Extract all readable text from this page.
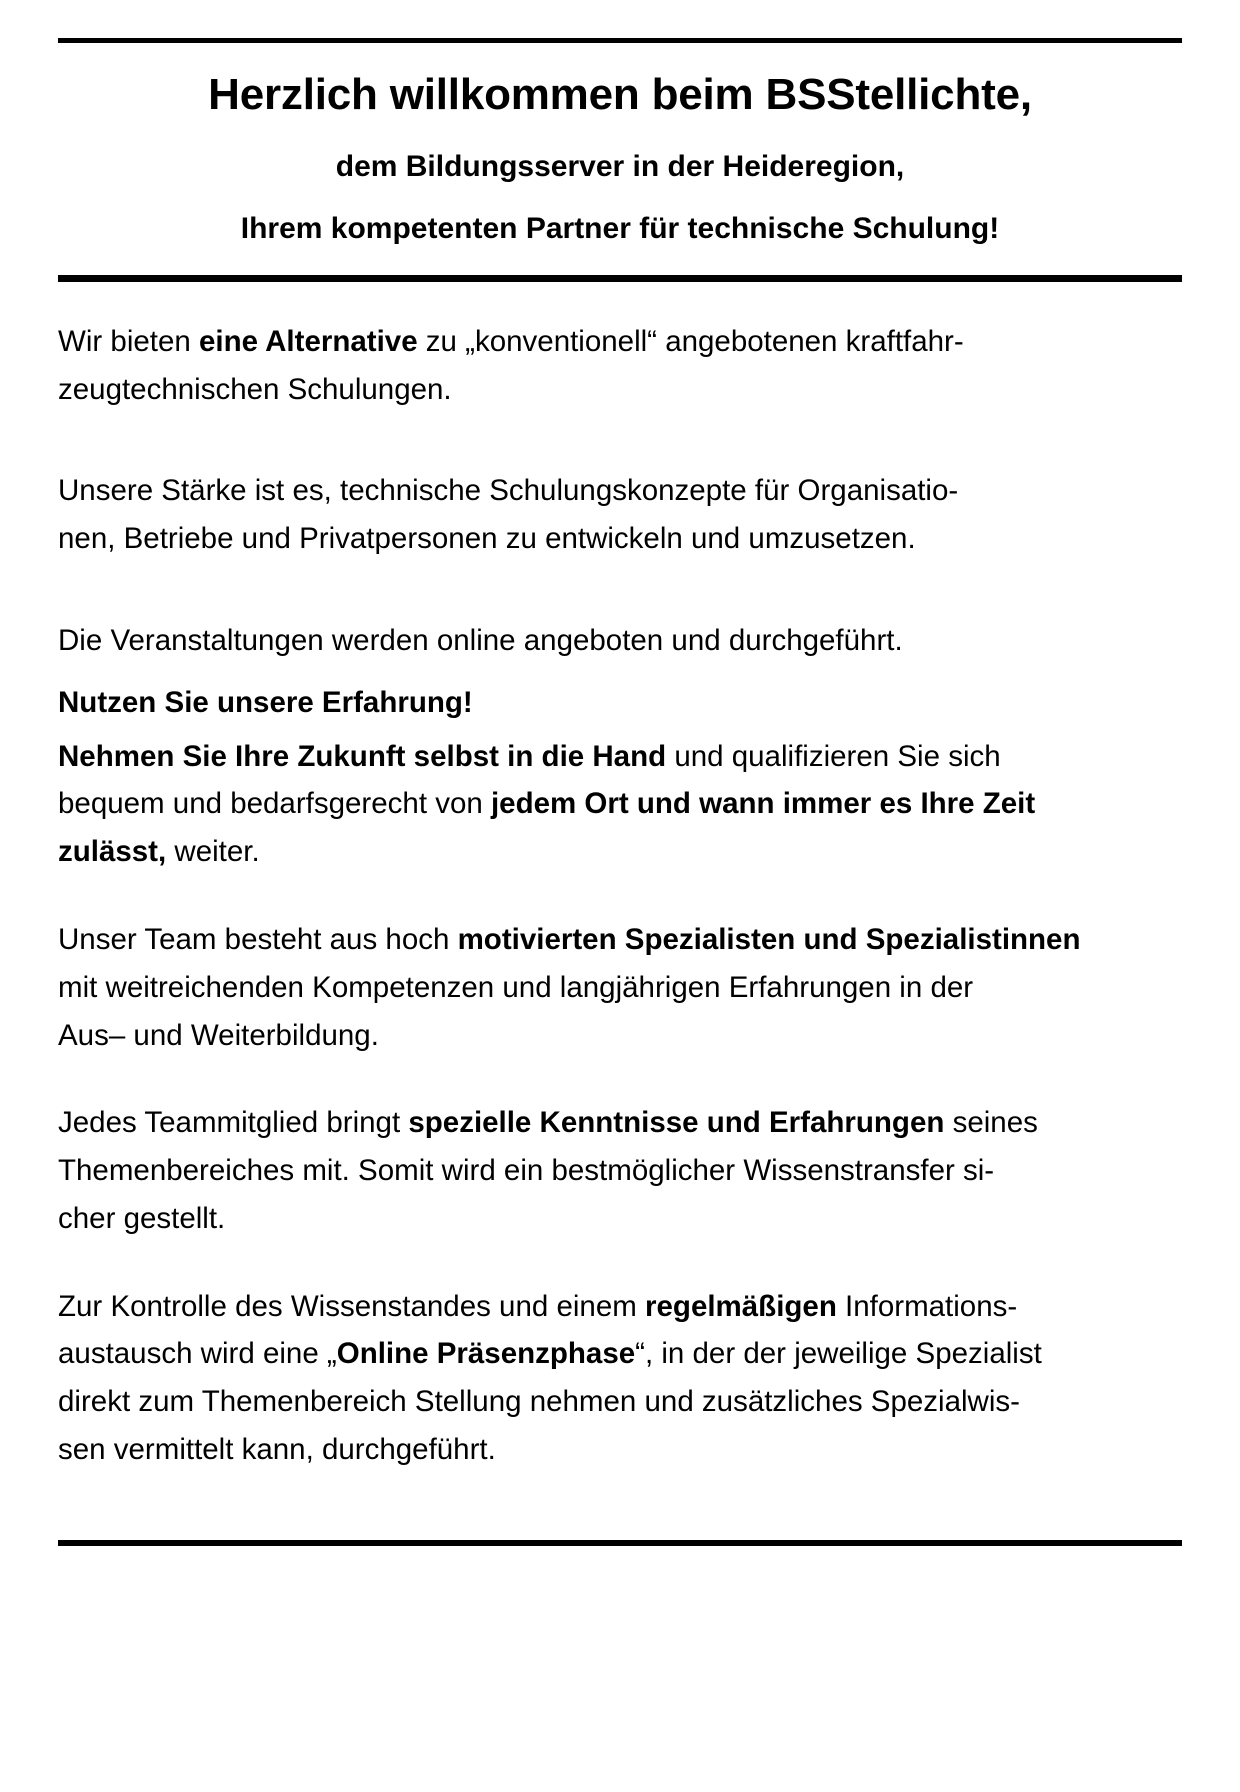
Herzlich willkommen beim BSStellichte,
dem Bildungsserver in der Heideregion,
Ihrem kompetenten Partner für technische Schulung!

Wir bieten eine Alternative zu „konventionell“ angebotenen kraftfahr-
zeugtechnischen Schulungen.

Unsere Stärke ist es, technische Schulungskonzepte für Organisatio-
nen, Betriebe und Privatpersonen zu entwickeln und umzusetzen.

Die Veranstaltungen werden online angeboten und durchgeführt.

Nutzen Sie unsere Erfahrung!

Nehmen Sie Ihre Zukunft selbst in die Hand und qualifizieren Sie sich
bequem und bedarfsgerecht von jedem Ort und wann immer es Ihre Zeit
zulässt, weiter.

Unser Team besteht aus hoch motivierten Spezialisten und Spezialistinnen
mit weitreichenden Kompetenzen und langjährigen Erfahrungen in der
Aus– und Weiterbildung.

Jedes Teammitglied bringt spezielle Kenntnisse und Erfahrungen seines
Themenbereiches mit. Somit wird ein bestmöglicher Wissenstransfer si-
cher gestellt.

Zur Kontrolle des Wissenstandes und einem regelmäßigen Informations-
austausch wird eine „Online Präsenzphase“, in der der jeweilige Spezialist
direkt zum Themenbereich Stellung nehmen und zusätzliches Spezialwis-
sen vermittelt kann, durchgeführt.
